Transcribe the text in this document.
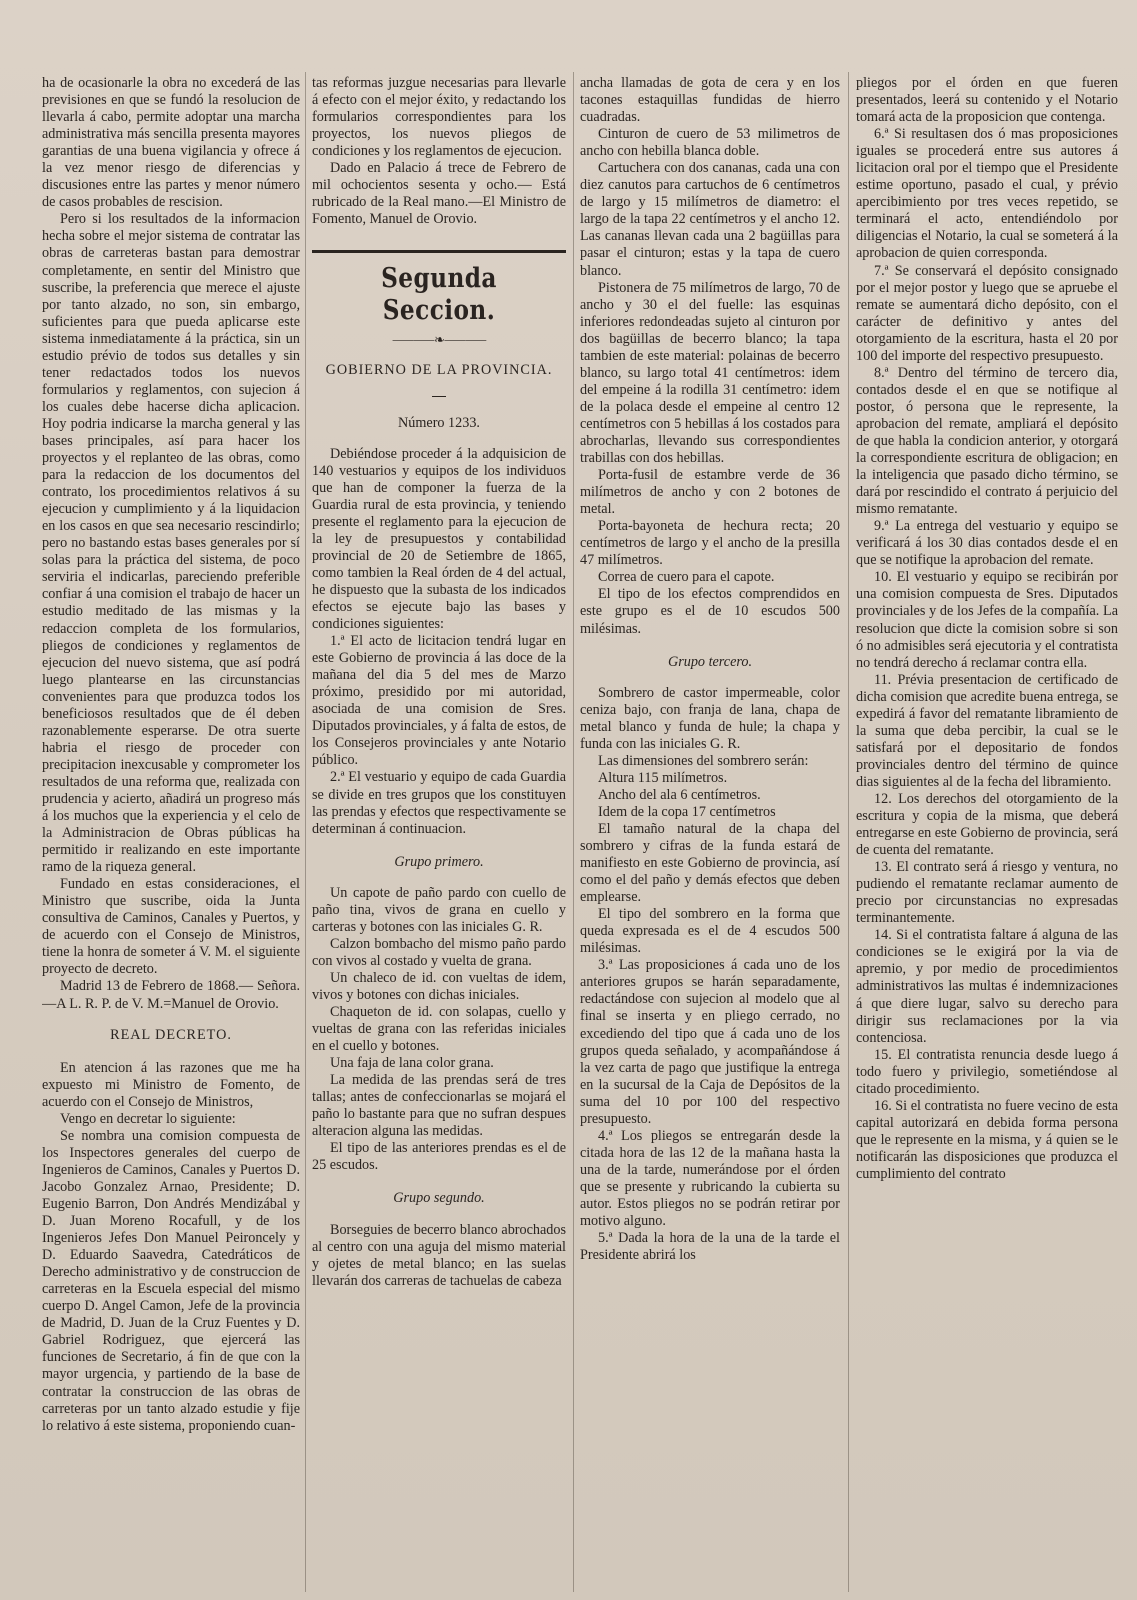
ha de ocasionarle la obra no excederá de las previsiones en que se fundó la resolucion de llevarla á cabo, permite adoptar una marcha administrativa más sencilla presenta mayores garantias de una buena vigilancia y ofrece á la vez menor riesgo de diferencias y discusiones entre las partes y menor número de casos probables de rescision.

Pero si los resultados de la informacion hecha sobre el mejor sistema de contratar las obras de carreteras bastan para demostrar completamente, en sentir del Ministro que suscribe, la preferencia que merece el ajuste por tanto alzado, no son, sin embargo, suficientes para que pueda aplicarse este sistema inmediatamente á la práctica, sin un estudio prévio de todos sus detalles y sin tener redactados todos los nuevos formularios y reglamentos, con sujecion á los cuales debe hacerse dicha aplicacion. Hoy podria indicarse la marcha general y las bases principales, así para hacer los proyectos y el replanteo de las obras, como para la redaccion de los documentos del contrato, los procedimientos relativos á su ejecucion y cumplimiento y á la liquidacion en los casos en que sea necesario rescindirlo; pero no bastando estas bases generales por sí solas para la práctica del sistema, de poco serviria el indicarlas, pareciendo preferible confiar á una comision el trabajo de hacer un estudio meditado de las mismas y la redaccion completa de los formularios, pliegos de condiciones y reglamentos de ejecucion del nuevo sistema, que así podrá luego plantearse en las circunstancias convenientes para que produzca todos los beneficiosos resultados que de él deben razonablemente esperarse. De otra suerte habria el riesgo de proceder con precipitacion inexcusable y comprometer los resultados de una reforma que, realizada con prudencia y acierto, añadirá un progreso más á los muchos que la experiencia y el celo de la Administracion de Obras públicas ha permitido ir realizando en este importante ramo de la riqueza general.

Fundado en estas consideraciones, el Ministro que suscribe, oida la Junta consultiva de Caminos, Canales y Puertos, y de acuerdo con el Consejo de Ministros, tiene la honra de someter á V. M. el siguiente proyecto de decreto.

Madrid 13 de Febrero de 1868.— Señora.—A L. R. P. de V. M.=Manuel de Orovio.

REAL DECRETO.

En atencion á las razones que me ha expuesto mi Ministro de Fomento, de acuerdo con el Consejo de Ministros,

Vengo en decretar lo siguiente:

Se nombra una comision compuesta de los Inspectores generales del cuerpo de Ingenieros de Caminos, Canales y Puertos D. Jacobo Gonzalez Arnao, Presidente; D. Eugenio Barron, Don Andrés Mendizábal y D. Juan Moreno Rocafull, y de los Ingenieros Jefes Don Manuel Peironcely y D. Eduardo Saavedra, Catedráticos de Derecho administrativo y de construccion de carreteras en la Escuela especial del mismo cuerpo D. Angel Camon, Jefe de la provincia de Madrid, D. Juan de la Cruz Fuentes y D. Gabriel Rodriguez, que ejercerá las funciones de Secretario, á fin de que con la mayor urgencia, y partiendo de la base de contratar la construccion de las obras de carreteras por un tanto alzado estudie y fije lo relativo á este sistema, proponiendo cuan-

tas reformas juzgue necesarias para llevarle á efecto con el mejor éxito, y redactando los formularios correspondientes para los proyectos, los nuevos pliegos de condiciones y los reglamentos de ejecucion.

Dado en Palacio á trece de Febrero de mil ochocientos sesenta y ocho.— Está rubricado de la Real mano.—El Ministro de Fomento, Manuel de Orovio.

Segunda Seccion.
⸺⸺❧⸺⸺

GOBIERNO DE LA PROVINCIA.

Número 1233.

Debiéndose proceder á la adquisicion de 140 vestuarios y equipos de los individuos que han de componer la fuerza de la Guardia rural de esta provincia, y teniendo presente el reglamento para la ejecucion de la ley de presupuestos y contabilidad provincial de 20 de Setiembre de 1865, como tambien la Real órden de 4 del actual, he dispuesto que la subasta de los indicados efectos se ejecute bajo las bases y condiciones siguientes:

1.ª El acto de licitacion tendrá lugar en este Gobierno de provincia á las doce de la mañana del dia 5 del mes de Marzo próximo, presidido por mi autoridad, asociada de una comision de Sres. Diputados provinciales, y á falta de estos, de los Consejeros provinciales y ante Notario público.

2.ª El vestuario y equipo de cada Guardia se divide en tres grupos que los constituyen las prendas y efectos que respectivamente se determinan á continuacion.

Grupo primero.

Un capote de paño pardo con cuello de paño tina, vivos de grana en cuello y carteras y botones con las iniciales G. R.

Calzon bombacho del mismo paño pardo con vivos al costado y vuelta de grana.

Un chaleco de id. con vueltas de idem, vivos y botones con dichas iniciales.

Chaqueton de id. con solapas, cuello y vueltas de grana con las referidas iniciales en el cuello y botones.

Una faja de lana color grana.

La medida de las prendas será de tres tallas; antes de confeccionarlas se mojará el paño lo bastante para que no sufran despues alteracion alguna las medidas.

El tipo de las anteriores prendas es el de 25 escudos.

Grupo segundo.

Borseguies de becerro blanco abrochados al centro con una aguja del mismo material y ojetes de metal blanco; en las suelas llevarán dos carreras de tachuelas de cabeza

ancha llamadas de gota de cera y en los tacones estaquillas fundidas de hierro cuadradas.

Cinturon de cuero de 53 milimetros de ancho con hebilla blanca doble.

Cartuchera con dos cananas, cada una con diez canutos para cartuchos de 6 centímetros de largo y 15 milímetros de diametro: el largo de la tapa 22 centímetros y el ancho 12. Las cananas llevan cada una 2 bagüillas para pasar el cinturon; estas y la tapa de cuero blanco.

Pistonera de 75 milímetros de largo, 70 de ancho y 30 el del fuelle: las esquinas inferiores redondeadas sujeto al cinturon por dos bagüillas de becerro blanco; la tapa tambien de este material: polainas de becerro blanco, su largo total 41 centímetros: idem del empeine á la rodilla 31 centímetro: idem de la polaca desde el empeine al centro 12 centímetros con 5 hebillas á los costados para abrocharlas, llevando sus correspondientes trabillas con dos hebillas.

Porta-fusil de estambre verde de 36 milímetros de ancho y con 2 botones de metal.

Porta-bayoneta de hechura recta; 20 centímetros de largo y el ancho de la presilla 47 milímetros.

Correa de cuero para el capote.

El tipo de los efectos comprendidos en este grupo es el de 10 escudos 500 milésimas.

Grupo tercero.

Sombrero de castor impermeable, color ceniza bajo, con franja de lana, chapa de metal blanco y funda de hule; la chapa y funda con las iniciales G. R.

Las dimensiones del sombrero serán:

Altura 115 milímetros.

Ancho del ala 6 centímetros.

Idem de la copa 17 centímetros

El tamaño natural de la chapa del sombrero y cifras de la funda estará de manifiesto en este Gobierno de provincia, así como el del paño y demás efectos que deben emplearse.

El tipo del sombrero en la forma que queda expresada es el de 4 escudos 500 milésimas.

3.ª Las proposiciones á cada uno de los anteriores grupos se harán separadamente, redactándose con sujecion al modelo que al final se inserta y en pliego cerrado, no excediendo del tipo que á cada uno de los grupos queda señalado, y acompañándose á la vez carta de pago que justifique la entrega en la sucursal de la Caja de Depósitos de la suma del 10 por 100 del respectivo presupuesto.

4.ª Los pliegos se entregarán desde la citada hora de las 12 de la mañana hasta la una de la tarde, numerándose por el órden que se presente y rubricando la cubierta su autor. Estos pliegos no se podrán retirar por motivo alguno.

5.ª Dada la hora de la una de la tarde el Presidente abrirá los

pliegos por el órden en que fueren presentados, leerá su contenido y el Notario tomará acta de la proposicion que contenga.

6.ª Si resultasen dos ó mas proposiciones iguales se procederá entre sus autores á licitacion oral por el tiempo que el Presidente estime oportuno, pasado el cual, y prévio apercibimiento por tres veces repetido, se terminará el acto, entendiéndolo por diligencias el Notario, la cual se someterá á la aprobacion de quien corresponda.

7.ª Se conservará el depósito consignado por el mejor postor y luego que se apruebe el remate se aumentará dicho depósito, con el carácter de definitivo y antes del otorgamiento de la escritura, hasta el 20 por 100 del importe del respectivo presupuesto.

8.ª Dentro del término de tercero dia, contados desde el en que se notifique al postor, ó persona que le represente, la aprobacion del remate, ampliará el depósito de que habla la condicion anterior, y otorgará la correspondiente escritura de obligacion; en la inteligencia que pasado dicho término, se dará por rescindido el contrato á perjuicio del mismo rematante.

9.ª La entrega del vestuario y equipo se verificará á los 30 dias contados desde el en que se notifique la aprobacion del remate.

10. El vestuario y equipo se recibirán por una comision compuesta de Sres. Diputados provinciales y de los Jefes de la compañía. La resolucion que dicte la comision sobre si son ó no admisibles será ejecutoria y el contratista no tendrá derecho á reclamar contra ella.

11. Prévia presentacion de certificado de dicha comision que acredite buena entrega, se expedirá á favor del rematante libramiento de la suma que deba percibir, la cual se le satisfará por el depositario de fondos provinciales dentro del término de quince dias siguientes al de la fecha del libramiento.

12. Los derechos del otorgamiento de la escritura y copia de la misma, que deberá entregarse en este Gobierno de provincia, será de cuenta del rematante.

13. El contrato será á riesgo y ventura, no pudiendo el rematante reclamar aumento de precio por circunstancias no expresadas terminantemente.

14. Si el contratista faltare á alguna de las condiciones se le exigirá por la via de apremio, y por medio de procedimientos administrativos las multas é indemnizaciones á que diere lugar, salvo su derecho para dirigir sus reclamaciones por la via contenciosa.

15. El contratista renuncia desde luego á todo fuero y privilegio, sometiéndose al citado procedimiento.

16. Si el contratista no fuere vecino de esta capital autorizará en debida forma persona que le represente en la misma, y á quien se le notificarán las disposiciones que produzca el cumplimiento del contrato
